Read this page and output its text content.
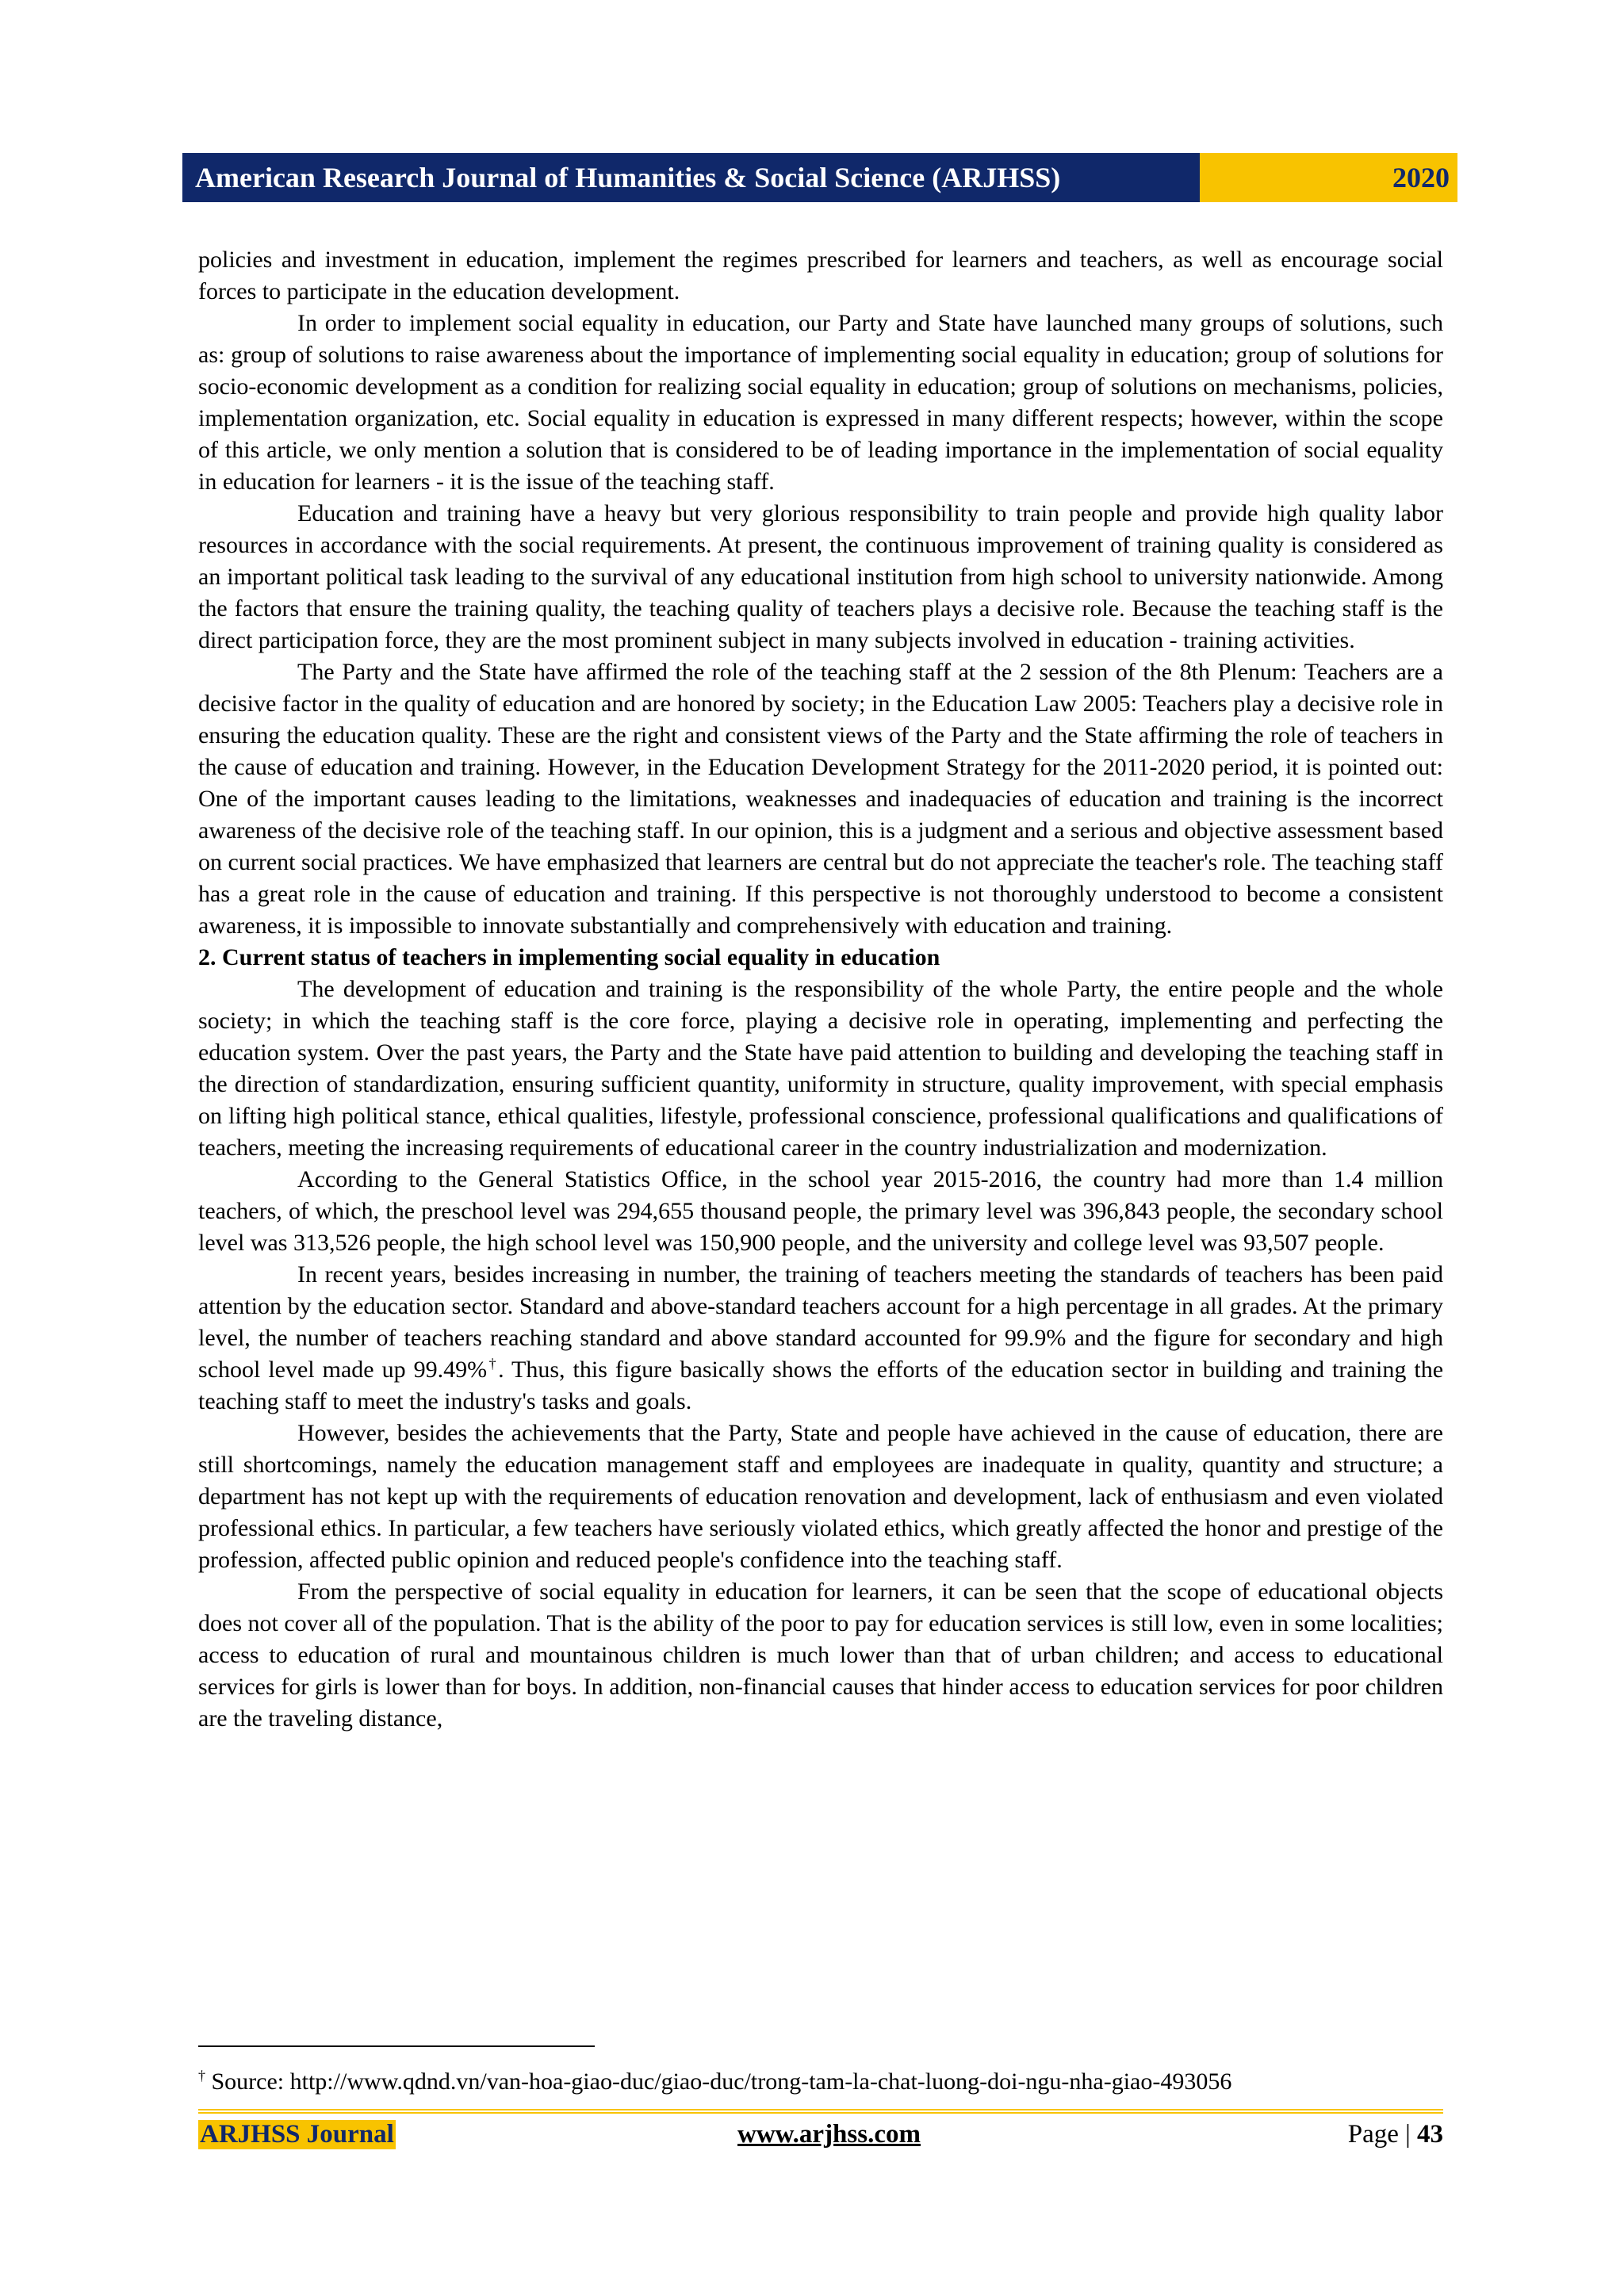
American Research Journal of Humanities & Social Science (ARJHSS)	2020

policies and investment in education, implement the regimes prescribed for learners and teachers, as well as encourage social forces to participate in the education development.

In order to implement social equality in education, our Party and State have launched many groups of solutions, such as: group of solutions to raise awareness about the importance of implementing social equality in education; group of solutions for socio-economic development as a condition for realizing social equality in education; group of solutions on mechanisms, policies, implementation organization, etc. Social equality in education is expressed in many different respects; however, within the scope of this article, we only mention a solution that is considered to be of leading importance in the implementation of social equality in education for learners - it is the issue of the teaching staff.

Education and training have a heavy but very glorious responsibility to train people and provide high quality labor resources in accordance with the social requirements. At present, the continuous improvement of training quality is considered as an important political task leading to the survival of any educational institution from high school to university nationwide. Among the factors that ensure the training quality, the teaching quality of teachers plays a decisive role. Because the teaching staff is the direct participation force, they are the most prominent subject in many subjects involved in education - training activities.

The Party and the State have affirmed the role of the teaching staff at the 2 session of the 8th Plenum: Teachers are a decisive factor in the quality of education and are honored by society; in the Education Law 2005: Teachers play a decisive role in ensuring the education quality. These are the right and consistent views of the Party and the State affirming the role of teachers in the cause of education and training. However, in the Education Development Strategy for the 2011-2020 period, it is pointed out: One of the important causes leading to the limitations, weaknesses and inadequacies of education and training is the incorrect awareness of the decisive role of the teaching staff. In our opinion, this is a judgment and a serious and objective assessment based on current social practices. We have emphasized that learners are central but do not appreciate the teacher's role. The teaching staff has a great role in the cause of education and training. If this perspective is not thoroughly understood to become a consistent awareness, it is impossible to innovate substantially and comprehensively with education and training.

2. Current status of teachers in implementing social equality in education

The development of education and training is the responsibility of the whole Party, the entire people and the whole society; in which the teaching staff is the core force, playing a decisive role in operating, implementing and perfecting the education system. Over the past years, the Party and the State have paid attention to building and developing the teaching staff in the direction of standardization, ensuring sufficient quantity, uniformity in structure, quality improvement, with special emphasis on lifting high political stance, ethical qualities, lifestyle, professional conscience, professional qualifications and qualifications of teachers, meeting the increasing requirements of educational career in the country industrialization and modernization.

According to the General Statistics Office, in the school year 2015-2016, the country had more than 1.4 million teachers, of which, the preschool level was 294,655 thousand people, the primary level was 396,843 people, the secondary school level was 313,526 people, the high school level was 150,900 people, and the university and college level was 93,507 people.

In recent years, besides increasing in number, the training of teachers meeting the standards of teachers has been paid attention by the education sector. Standard and above-standard teachers account for a high percentage in all grades. At the primary level, the number of teachers reaching standard and above standard accounted for 99.9% and the figure for secondary and high school level made up 99.49%†. Thus, this figure basically shows the efforts of the education sector in building and training the teaching staff to meet the industry's tasks and goals.

However, besides the achievements that the Party, State and people have achieved in the cause of education, there are still shortcomings, namely the education management staff and employees are inadequate in quality, quantity and structure; a department has not kept up with the requirements of education renovation and development, lack of enthusiasm and even violated professional ethics. In particular, a few teachers have seriously violated ethics, which greatly affected the honor and prestige of the profession, affected public opinion and reduced people's confidence into the teaching staff.

From the perspective of social equality in education for learners, it can be seen that the scope of educational objects does not cover all of the population. That is the ability of the poor to pay for education services is still low, even in some localities; access to education of rural and mountainous children is much lower than that of urban children; and access to educational services for girls is lower than for boys. In addition, non-financial causes that hinder access to education services for poor children are the traveling distance,

† Source: http://www.qdnd.vn/van-hoa-giao-duc/giao-duc/trong-tam-la-chat-luong-doi-ngu-nha-giao-493056
ARJHSS Journal	www.arjhss.com	Page | 43
